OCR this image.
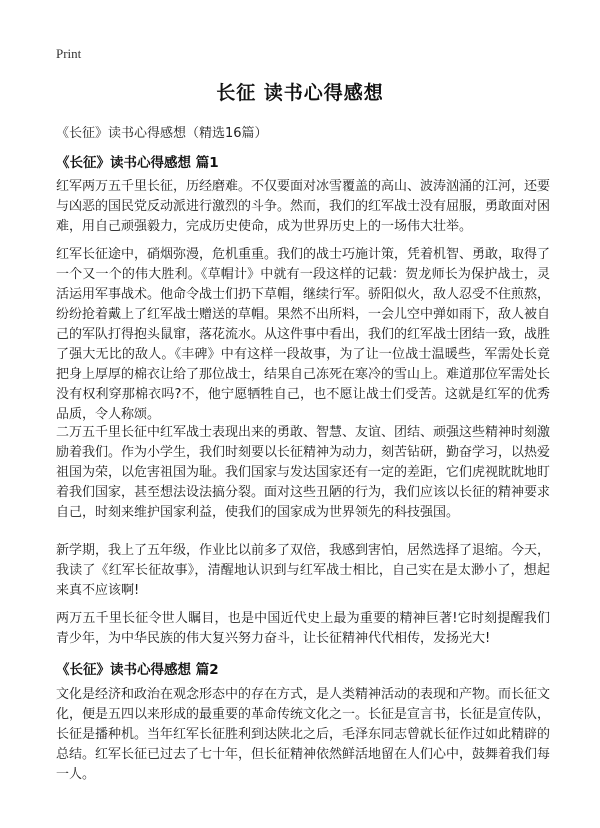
Print
长征 读书心得感想
《长征》读书心得感想（精选16篇）
《长征》读书心得感想 篇1

红军两万五千里长征，历经磨难。不仅要面对冰雪覆盖的高山、波涛汹涌的江河，还要与凶恶的国民党反动派进行激烈的斗争。然而，我们的红军战士没有屈服，勇敢面对困难，用自己顽强毅力，完成历史使命，成为世界历史上的一场伟大壮举。

红军长征途中，硝烟弥漫，危机重重。我们的战士巧施计策，凭着机智、勇敢，取得了一个又一个的伟大胜利。《草帽计》中就有一段这样的记载：贺龙师长为保护战士，灵活运用军事战术。他命令战士们扔下草帽，继续行军。骄阳似火，敌人忍受不住煎熬，纷纷抢着戴上了红军战士赠送的草帽。果然不出所料，一会儿空中弹如雨下，敌人被自己的军队打得抱头鼠窜，落花流水。从这件事中看出，我们的红军战士团结一致，战胜了强大无比的敌人。《丰碑》中有这样一段故事，为了让一位战士温暖些，军需处长竟把身上厚厚的棉衣让给了那位战士，结果自己冻死在寒冷的雪山上。难道那位军需处长没有权利穿那棉衣吗?不，他宁愿牺牲自己，也不愿让战士们受苦。这就是红军的优秀品质，令人称颂。

二万五千里长征中红军战士表现出来的勇敢、智慧、友谊、团结、顽强这些精神时刻激励着我们。作为小学生，我们时刻要以长征精神为动力，刻苦钻研，勤奋学习，以热爱祖国为荣，以危害祖国为耻。我们国家与发达国家还有一定的差距，它们虎视眈眈地盯着我们国家，甚至想法设法搞分裂。面对这些丑陋的行为，我们应该以长征的精神要求自己，时刻来维护国家利益，使我们的国家成为世界领先的科技强国。

新学期，我上了五年级，作业比以前多了双倍，我感到害怕，居然选择了退缩。今天，我读了《红军长征故事》，清醒地认识到与红军战士相比，自己实在是太渺小了，想起来真不应该啊!

两万五千里长征令世人瞩目，也是中国近代史上最为重要的精神巨著!它时刻提醒我们青少年，为中华民族的伟大复兴努力奋斗，让长征精神代代相传，发扬光大!

《长征》读书心得感想 篇2

文化是经济和政治在观念形态中的存在方式，是人类精神活动的表现和产物。而长征文化，便是五四以来形成的最重要的革命传统文化之一。长征是宣言书，长征是宣传队，长征是播种机。当年红军长征胜利到达陕北之后，毛泽东同志曾就长征作过如此精辟的总结。红军长征已过去了七十年，但长征精神依然鲜活地留在人们心中，鼓舞着我们每一人。
